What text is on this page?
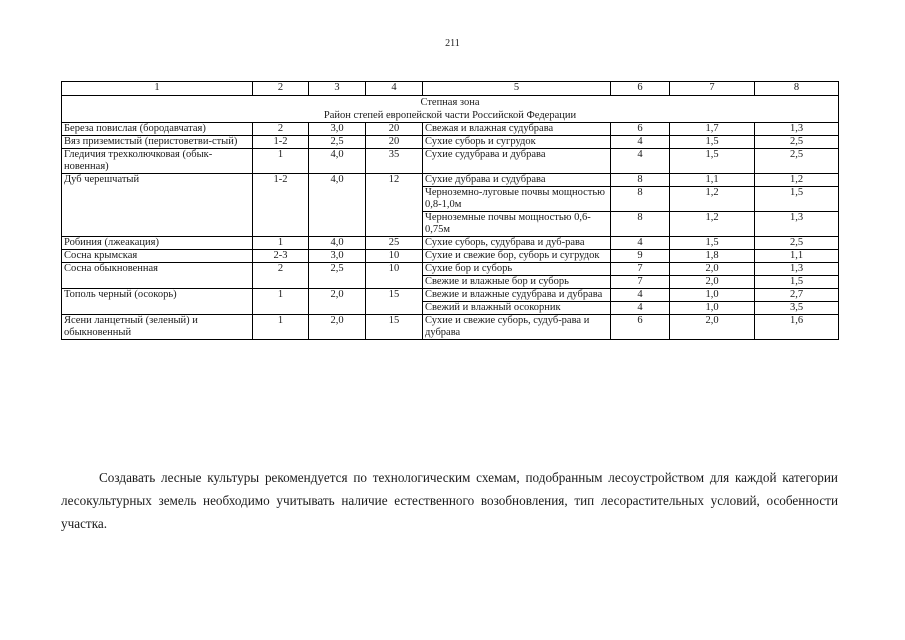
211
1	2	3	4	5	6	7	8

Степная зона
Район степей европейской части Российской Федерации							

Береза повислая (бородавчатая)	2	3,0	20	Свежая и влажная судубрава	6	1,7	1,3
Вяз приземистый (перистоветви-стый)	1-2	2,5	20	Сухие суборь и сугрудок	4	1,5	2,5
Гледичия трехколючковая (обык-новенная)	1	4,0	35	Сухие судубрава и дубрава	4	1,5	2,5
Дуб черешчатый	1-2	4,0	12	Сухие дубрава и судубрава	8	1,1	1,2
				Черноземно-луговые почвы мощностью 0,8-1,0м	8	1,2	1,5
				Черноземные почвы мощностью 0,6-0,75м	8	1,2	1,3
Робиния (лжеакация)	1	4,0	25	Сухие суборь, судубрава и дуб-рава	4	1,5	2,5
Сосна крымская	2-3	3,0	10	Сухие и свежие бор, суборь и сугрудок	9	1,8	1,1
Сосна обыкновенная	2	2,5	10	Сухие бор и суборь	7	2,0	1,3
				Свежие и влажные бор и суборь	7	2,0	1,5
Тополь черный (осокорь)	1	2,0	15	Свежие и влажные судубрава и дубрава	4	1,0	2,7
				Свежий и влажный осокорник	4	1,0	3,5
Ясени ланцетный (зеленый) и обыкновенный	1	2,0	15	Сухие и свежие суборь, судуб-рава и дубрава	6	2,0	1,6

Создавать лесные культуры рекомендуется по технологическим схемам, подобранным лесоустройством для каждой категории лесокультурных земель необходимо учитывать наличие естественного возобновления, тип лесорастительных условий, особенности участка.
